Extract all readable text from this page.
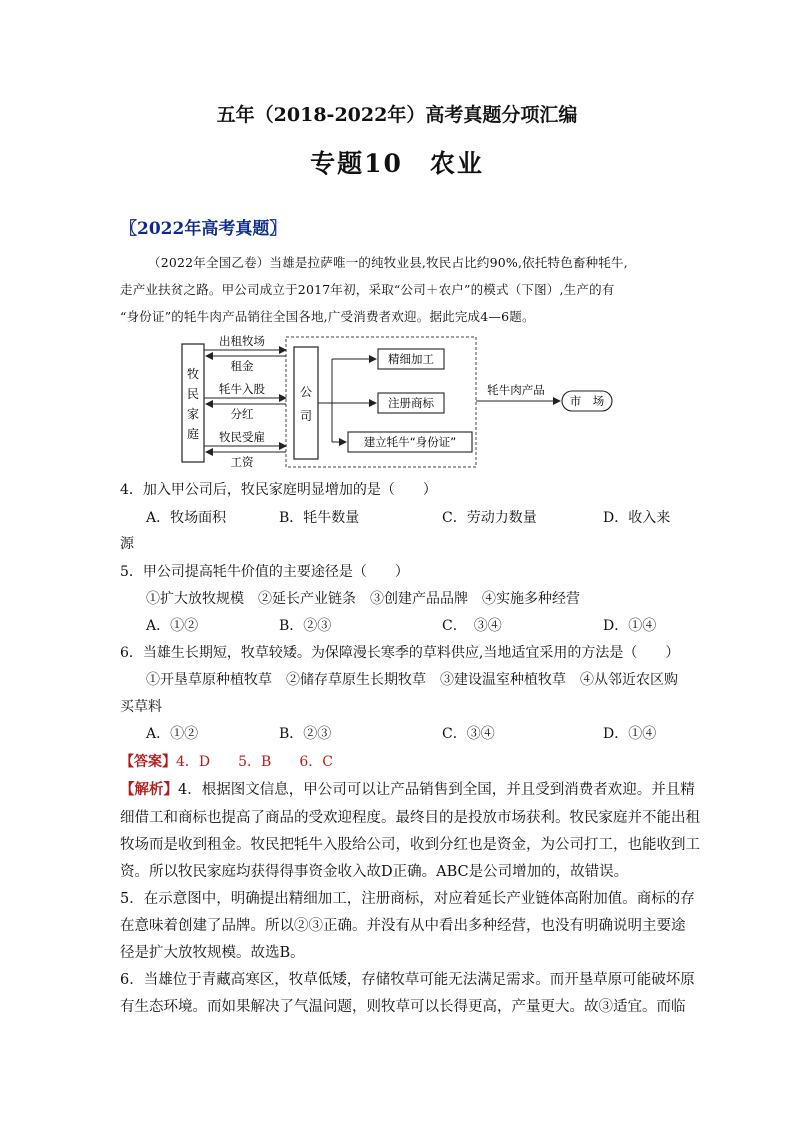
五年（2018-2022年）高考真题分项汇编
专题10　农业
〖2022年高考真题〗
（2022年全国乙卷）当雄是拉萨唯一的纯牧业县,牧民占比约90%,依托特色畜种牦牛,
走产业扶贫之路。甲公司成立于2017年初，采取“公司＋农户”的模式（下图）,生产的有
“身份证”的牦牛肉产品销往全国各地,广受消费者欢迎。据此完成4—6题。
牧
民
家
庭
公
司
出租牧场
租金
牦牛入股
分红
牧民受雇
工资
精细加工
注册商标
建立牦牛“身份证”
牦牛肉产品
市　场
4．加入甲公司后，牧民家庭明显增加的是（　　）
A．牧场面积	B．牦牛数量	C．劳动力数量	D．收入来
源
5．甲公司提高牦牛价值的主要途径是（　　）
①扩大放牧规模　②延长产业链条　③创建产品品牌　④实施多种经营
A．①②	B．②③	C．　③④	D．①④
6．当雄生长期短，牧草较矮。为保障漫长寒季的草料供应,当地适宜采用的方法是（　　）
①开垦草原种植牧草　②储存草原生长期牧草　③建设温室种植牧草　④从邻近农区购
买草料
A．①②	B．②③	C．③④	D．①④
【答案】4．D　　5．B　　6．C
【解析】4．根据图文信息，甲公司可以让产品销售到全国，并且受到消费者欢迎。并且精
细借工和商标也提高了商品的受欢迎程度。最终目的是投放市场获利。牧民家庭并不能出租
牧场而是收到租金。牧民把牦牛入股给公司，收到分红也是资金，为公司打工，也能收到工
资。所以牧民家庭均获得得事资金收入故D正确。ABC是公司增加的，故错误。
5．在示意图中，明确提出精细加工，注册商标，对应着延长产业链体高附加值。商标的存
在意味着创建了品牌。所以②③正确。并没有从中看出多种经营，也没有明确说明主要途
径是扩大放牧规模。故选B。
6．当雄位于青藏高寒区，牧草低矮，存储牧草可能无法满足需求。而开垦草原可能破坏原
有生态环境。而如果解决了气温问题，则牧草可以长得更高，产量更大。故③适宜。而临
